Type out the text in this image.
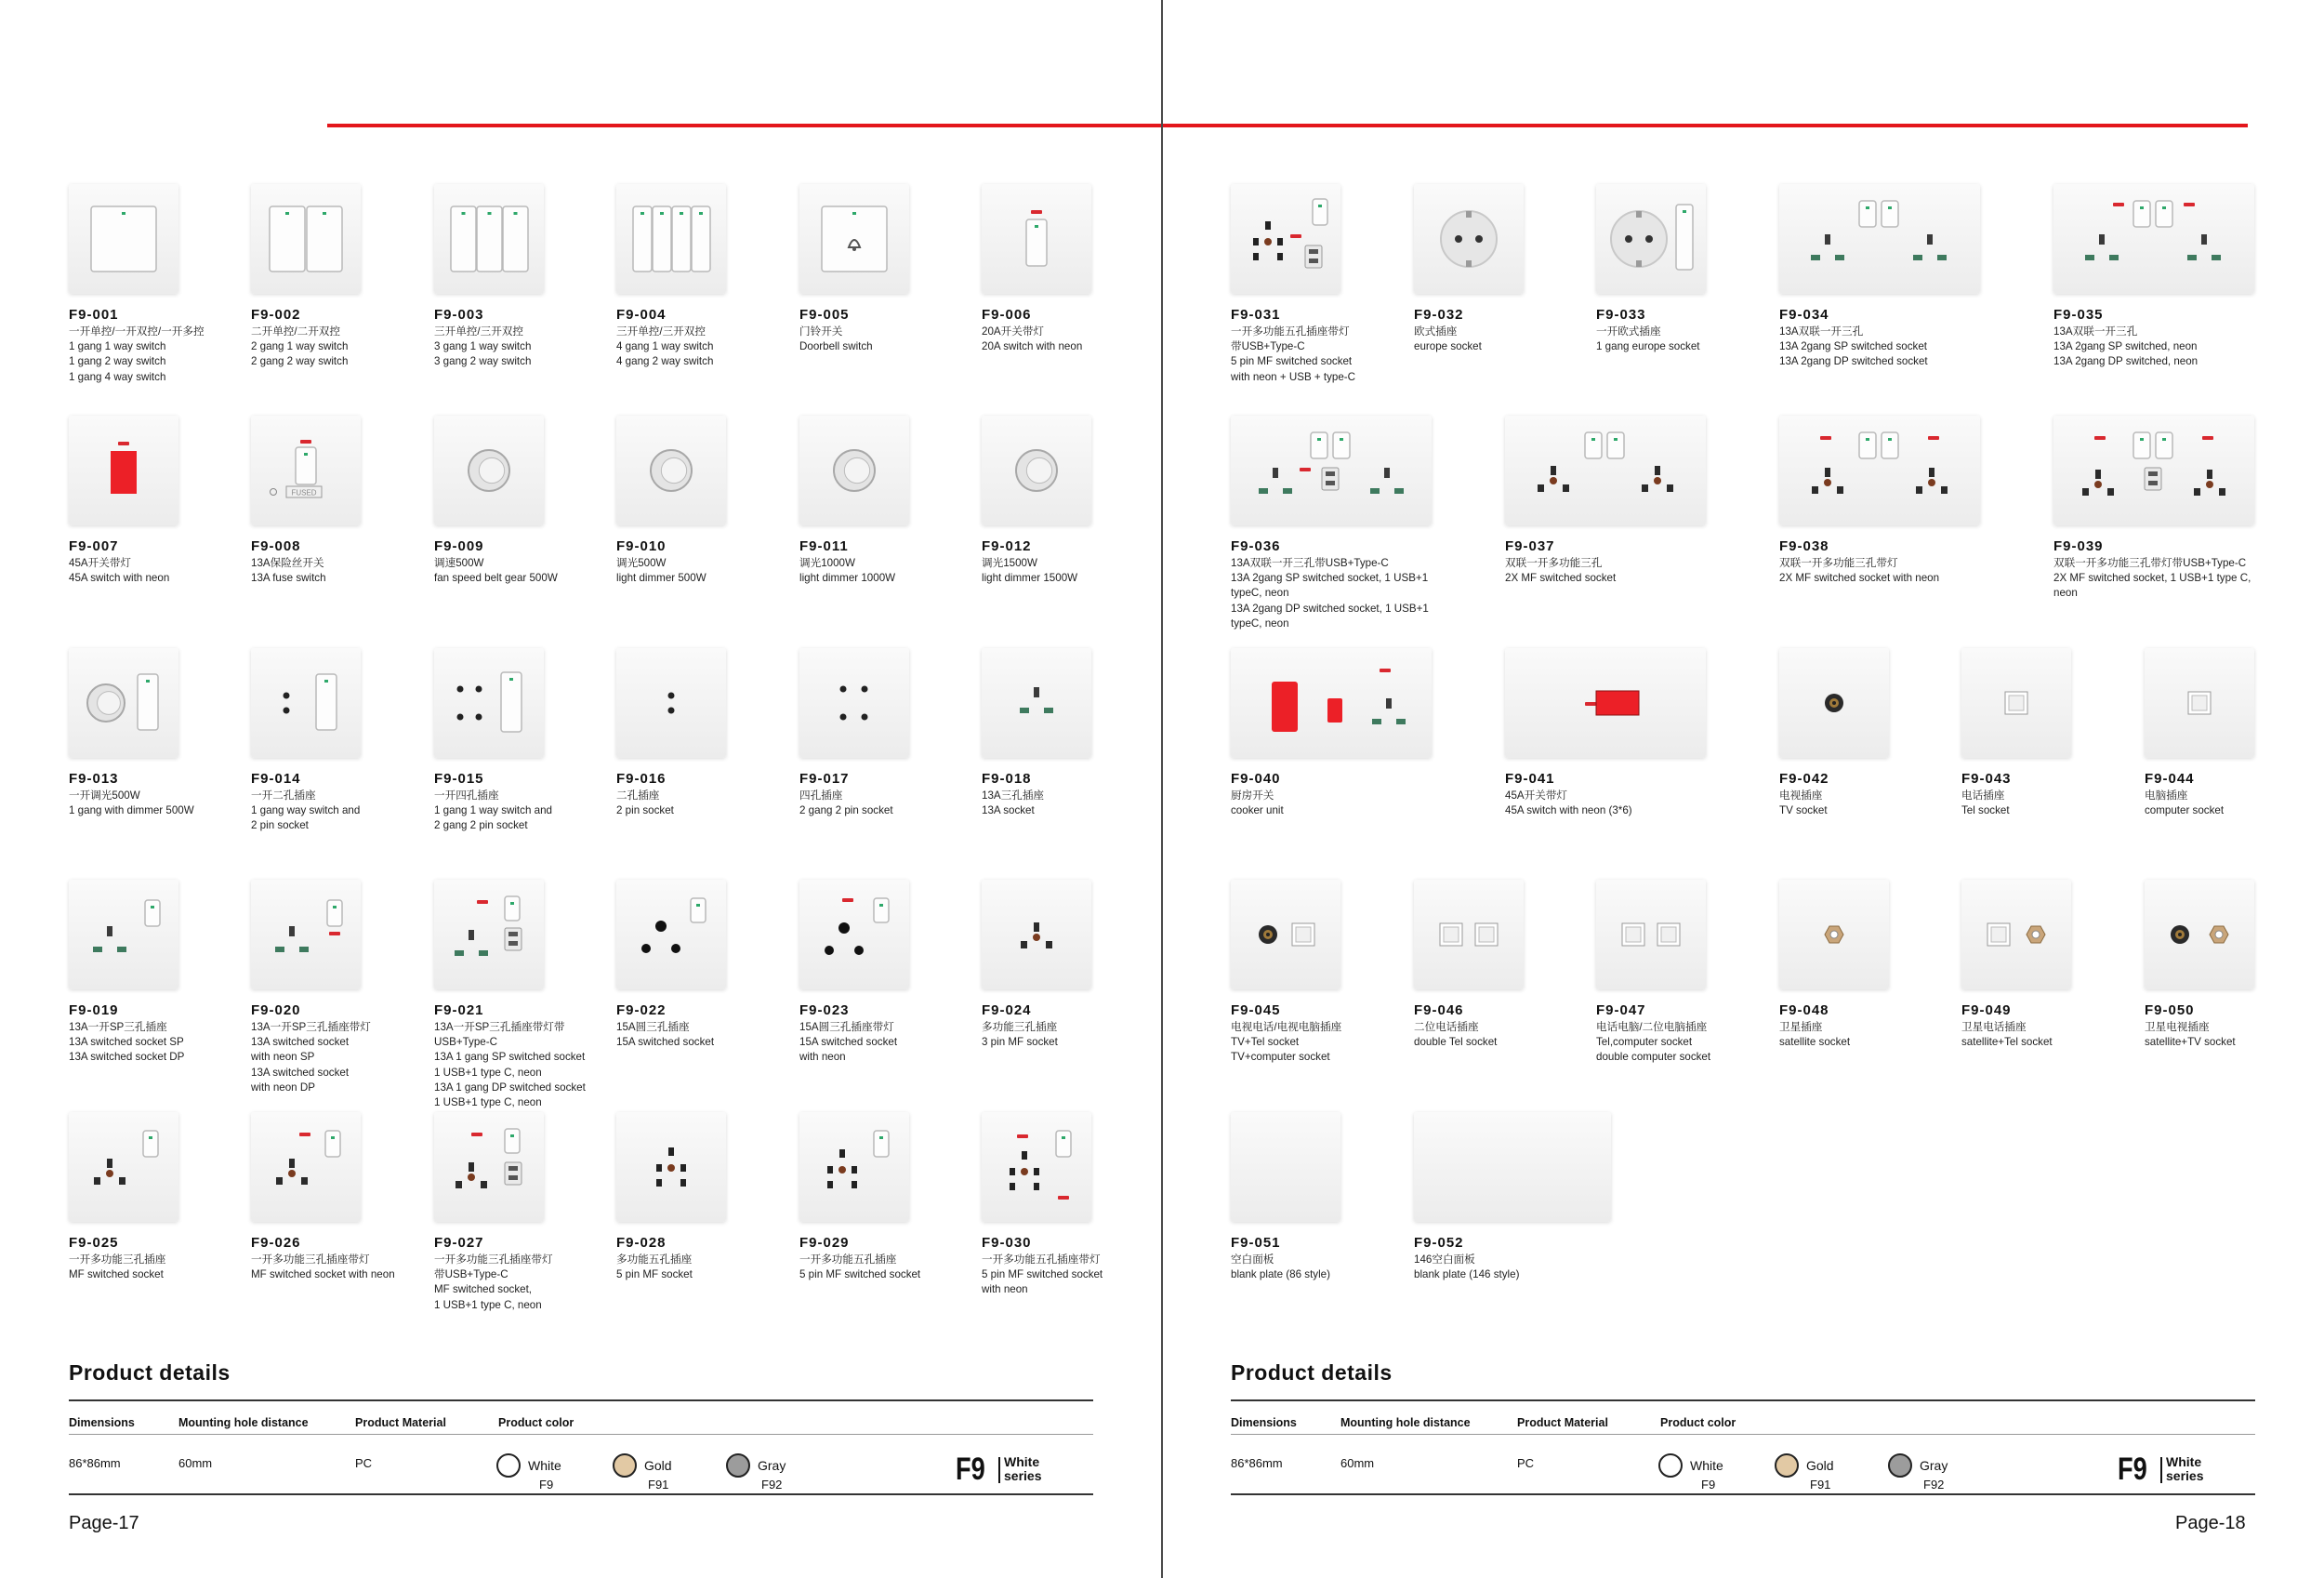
Product details
Dimensions	Mounting hole distance	Product Material	Product color
86*86mm	60mm	PC	White
F9
Gold
F91
Gray
F92	F9 White
series
Page-17
Product details
Dimensions	Mounting hole distance	Product Material	Product color
86*86mm	60mm	PC	White
F9
Gold
F91
Gray
F92	F9 White
series
Page-18
F9-001
一开单控/一开双控/一开多控
1 gang 1 way switch
1 gang 2 way switch
1 gang 4 way switch
F9-002
二开单控/二开双控
2 gang 1 way switch
2 gang 2 way switch
F9-003
三开单控/三开双控
3 gang 1 way switch
3 gang 2 way switch
F9-004
三开单控/三开双控
4 gang 1 way switch
4 gang 2 way switch
F9-005
门铃开关
Doorbell switch
F9-006
20A开关带灯
20A switch with neon
F9-007
45A开关带灯
45A switch with neon
FUSED
F9-008
13A保险丝开关
13A fuse switch
F9-009
调速500W
fan speed belt gear 500W
F9-010
调光500W
light dimmer 500W
F9-011
调光1000W
light dimmer 1000W
F9-012
调光1500W
light dimmer 1500W
F9-013
一开调光500W
1 gang with dimmer 500W
F9-014
一开二孔插座
1 gang way switch and
2 pin socket
F9-015
一开四孔插座
1 gang 1 way switch and
2 gang 2 pin socket
F9-016
二孔插座
2 pin socket
F9-017
四孔插座
2 gang 2 pin socket
F9-018
13A三孔插座
13A socket
F9-019
13A一开SP三孔插座
13A switched socket SP
13A switched socket DP
F9-020
13A一开SP三孔插座带灯
13A switched socket
with neon SP
13A switched socket
with neon DP
F9-021
13A一开SP三孔插座带灯带USB+Type-C
13A 1 gang SP switched socket
1 USB+1 type C, neon
13A 1 gang DP switched socket
1 USB+1 type C, neon
F9-022
15A圆三孔插座
15A switched socket
F9-023
15A圆三孔插座带灯
15A switched socket
with neon
F9-024
多功能三孔插座
3 pin MF socket
F9-025
一开多功能三孔插座
MF switched socket
F9-026
一开多功能三孔插座带灯
MF switched socket with neon
F9-027
一开多功能三孔插座带灯
带USB+Type-C
MF switched socket,
1 USB+1 type C, neon
F9-028
多功能五孔插座
5 pin MF socket
F9-029
一开多功能五孔插座
5 pin MF switched socket
F9-030
一开多功能五孔插座带灯
5 pin MF switched socket
with neon
F9-031
一开多功能五孔插座带灯
带USB+Type-C
5 pin MF switched socket
with neon + USB + type-C
F9-032
欧式插座
europe socket
F9-033
一开欧式插座
1 gang europe socket
F9-034
13A双联一开三孔
13A 2gang SP switched socket
13A 2gang DP switched socket
F9-035
13A双联一开三孔
13A 2gang SP switched, neon
13A 2gang DP switched, neon
F9-036
13A双联一开三孔带USB+Type-C
13A 2gang SP switched socket, 1 USB+1
typeC, neon
13A 2gang DP switched socket, 1 USB+1
typeC, neon
F9-037
双联一开多功能三孔
2X MF switched socket
F9-038
双联一开多功能三孔带灯
2X MF switched socket with neon
F9-039
双联一开多功能三孔带灯带USB+Type-C
2X MF switched socket, 1 USB+1 type C,
neon
F9-040
厨房开关
cooker unit
F9-041
45A开关带灯
45A switch with neon (3*6)
F9-042
电视插座
TV socket
F9-043
电话插座
Tel socket
F9-044
电脑插座
computer socket
F9-045
电视电话/电视电脑插座
TV+Tel socket
TV+computer socket
F9-046
二位电话插座
double Tel socket
F9-047
电话电脑/二位电脑插座
Tel,computer socket
double computer socket
F9-048
卫星插座
satellite socket
F9-049
卫星电话插座
satellite+Tel socket
F9-050
卫星电视插座
satellite+TV socket
F9-051
空白面板
blank plate (86 style)
F9-052
146空白面板
blank plate (146 style)
